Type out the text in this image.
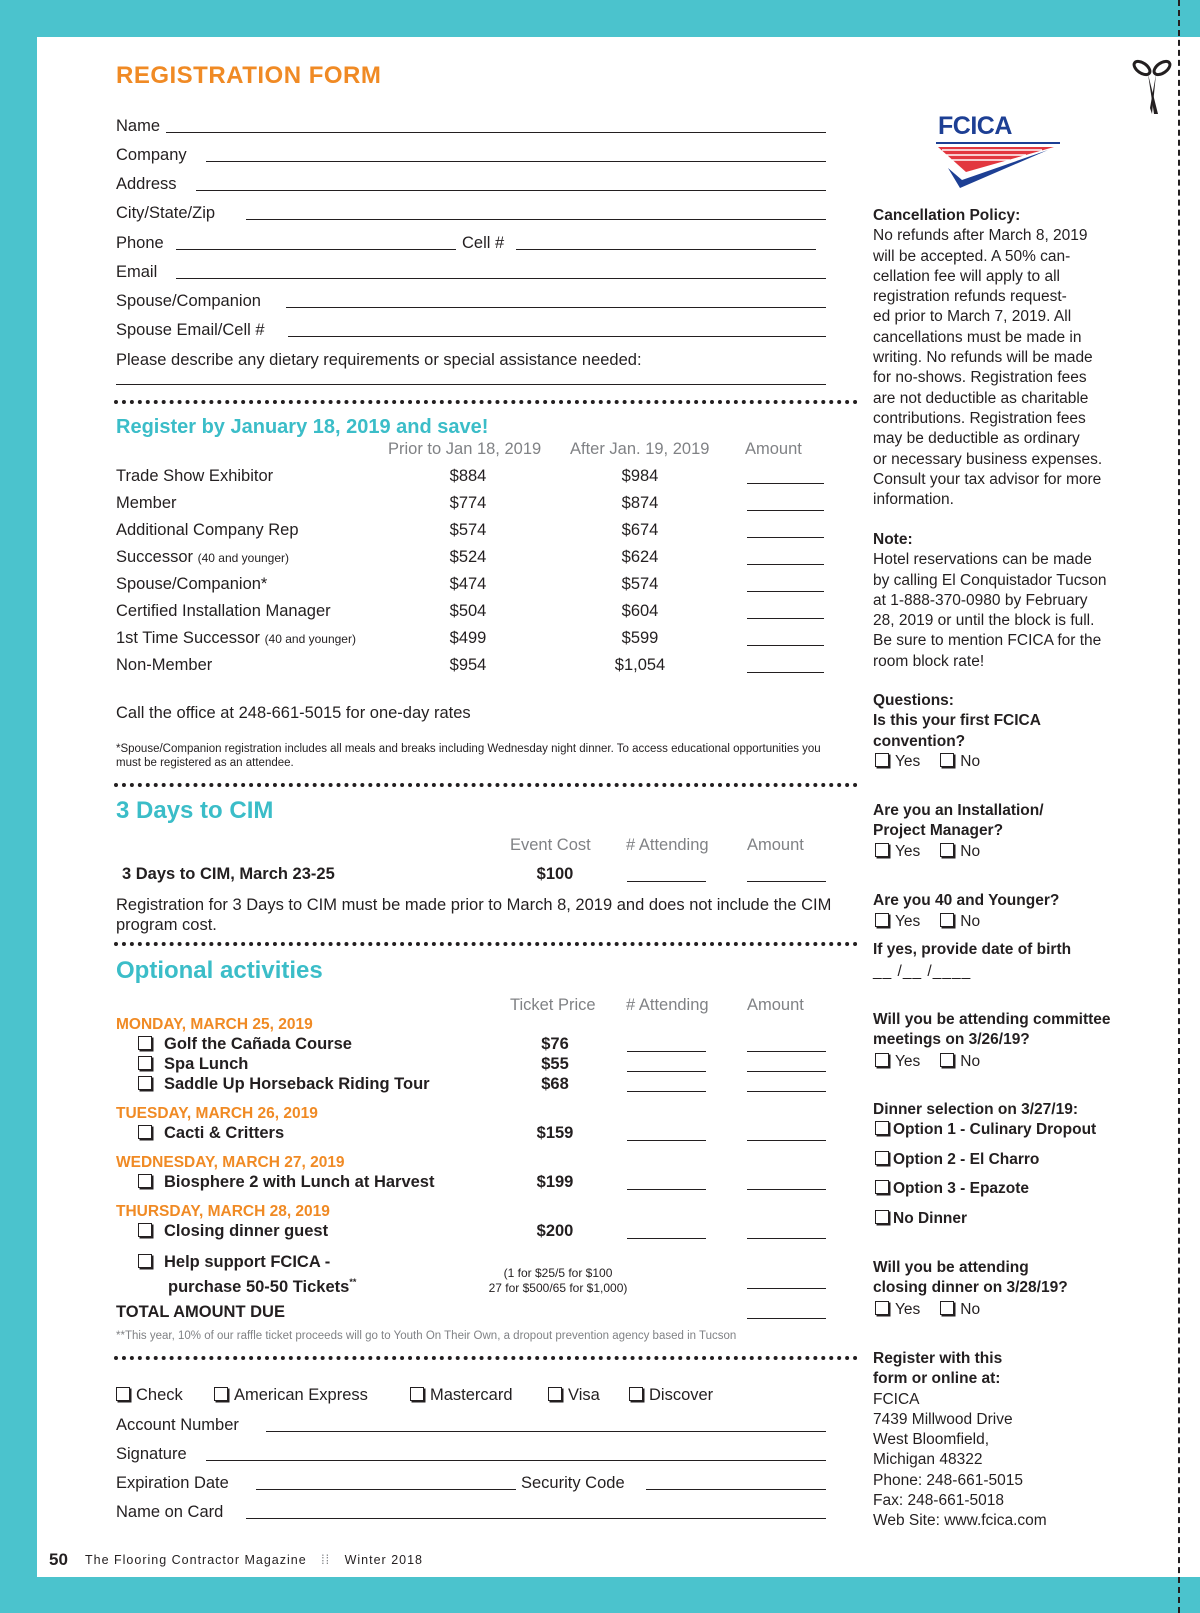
REGISTRATION FORM
Name
Company
Address
City/State/Zip
Phone	Cell #
Email
Spouse/Companion
Spouse Email/Cell #
Please describe any dietary requirements or special assistance needed:
Register by January 18, 2019 and save!
Prior to Jan 18, 2019 After Jan. 19, 2019 Amount
Trade Show Exhibitor	$884	$984
Member	$774	$874
Additional Company Rep	$574	$674
Successor (40 and younger)	$524	$624
Spouse/Companion*	$474	$574
Certified Installation Manager	$504	$604
1st Time Successor (40 and younger)	$499	$599
Non-Member	$954	$1,054
Call the office at 248-661-5015 for one-day rates
*Spouse/Companion registration includes all meals and breaks including Wednesday night dinner. To access educational opportunities you must be registered as an attendee.
3 Days to CIM
Event Cost # Attending Amount
3 Days to CIM, March 23-25	$100
Registration for 3 Days to CIM must be made prior to March 8, 2019 and does not include the CIM program cost.
Optional activities
Ticket Price # Attending Amount
MONDAY, MARCH 25, 2019
Golf the Cañada Course	$76
Spa Lunch	$55
Saddle Up Horseback Riding Tour	$68
TUESDAY, MARCH 26, 2019
Cacti & Critters	$159
WEDNESDAY, MARCH 27, 2019
Biosphere 2 with Lunch at Harvest	$199
THURSDAY, MARCH 28, 2019
Closing dinner guest	$200
Help support FCICA -
purchase 50-50 Tickets**
(1 for $25/5 for $100
27 for $500/65 for $1,000)
TOTAL AMOUNT DUE
**This year, 10% of our raffle ticket proceeds will go to Youth On Their Own, a dropout prevention agency based in Tucson
Check	American Express	Mastercard	Visa	Discover
Account Number
Signature
Expiration Date	Security Code
Name on Card
FCICA
Cancellation Policy:
No refunds after March 8, 2019
will be accepted. A 50% can-
cellation fee will apply to all
registration refunds request-
ed prior to March 7, 2019. All
cancellations must be made in
writing. No refunds will be made
for no-shows. Registration fees
are not deductible as charitable
contributions. Registration fees
may be deductible as ordinary
or necessary business expenses.
Consult your tax advisor for more
information.
Note:
Hotel reservations can be made
by calling El Conquistador Tucson
at 1-888-370-0980 by February
28, 2019 or until the block is full.
Be sure to mention FCICA for the
room block rate!
Questions:
Is this your first FCICA
convention?
Yes	No
Are you an Installation/
Project Manager?
Yes	No
Are you 40 and Younger?
Yes	No
If yes, provide date of birth
__ /__ /____
Will you be attending committee
meetings on 3/26/19?
Yes	No
Dinner selection on 3/27/19:
Option 1 - Culinary Dropout
Option 2 - El Charro
Option 3 - Epazote
No Dinner
Will you be attending
closing dinner on 3/28/19?
Yes	No
Register with this
form or online at:
FCICA
7439 Millwood Drive
West Bloomfield,
Michigan 48322
Phone: 248-661-5015
Fax: 248-661-5018
Web Site: www.fcica.com
50 The Flooring Contractor Magazine ⁞⁞ Winter 2018
